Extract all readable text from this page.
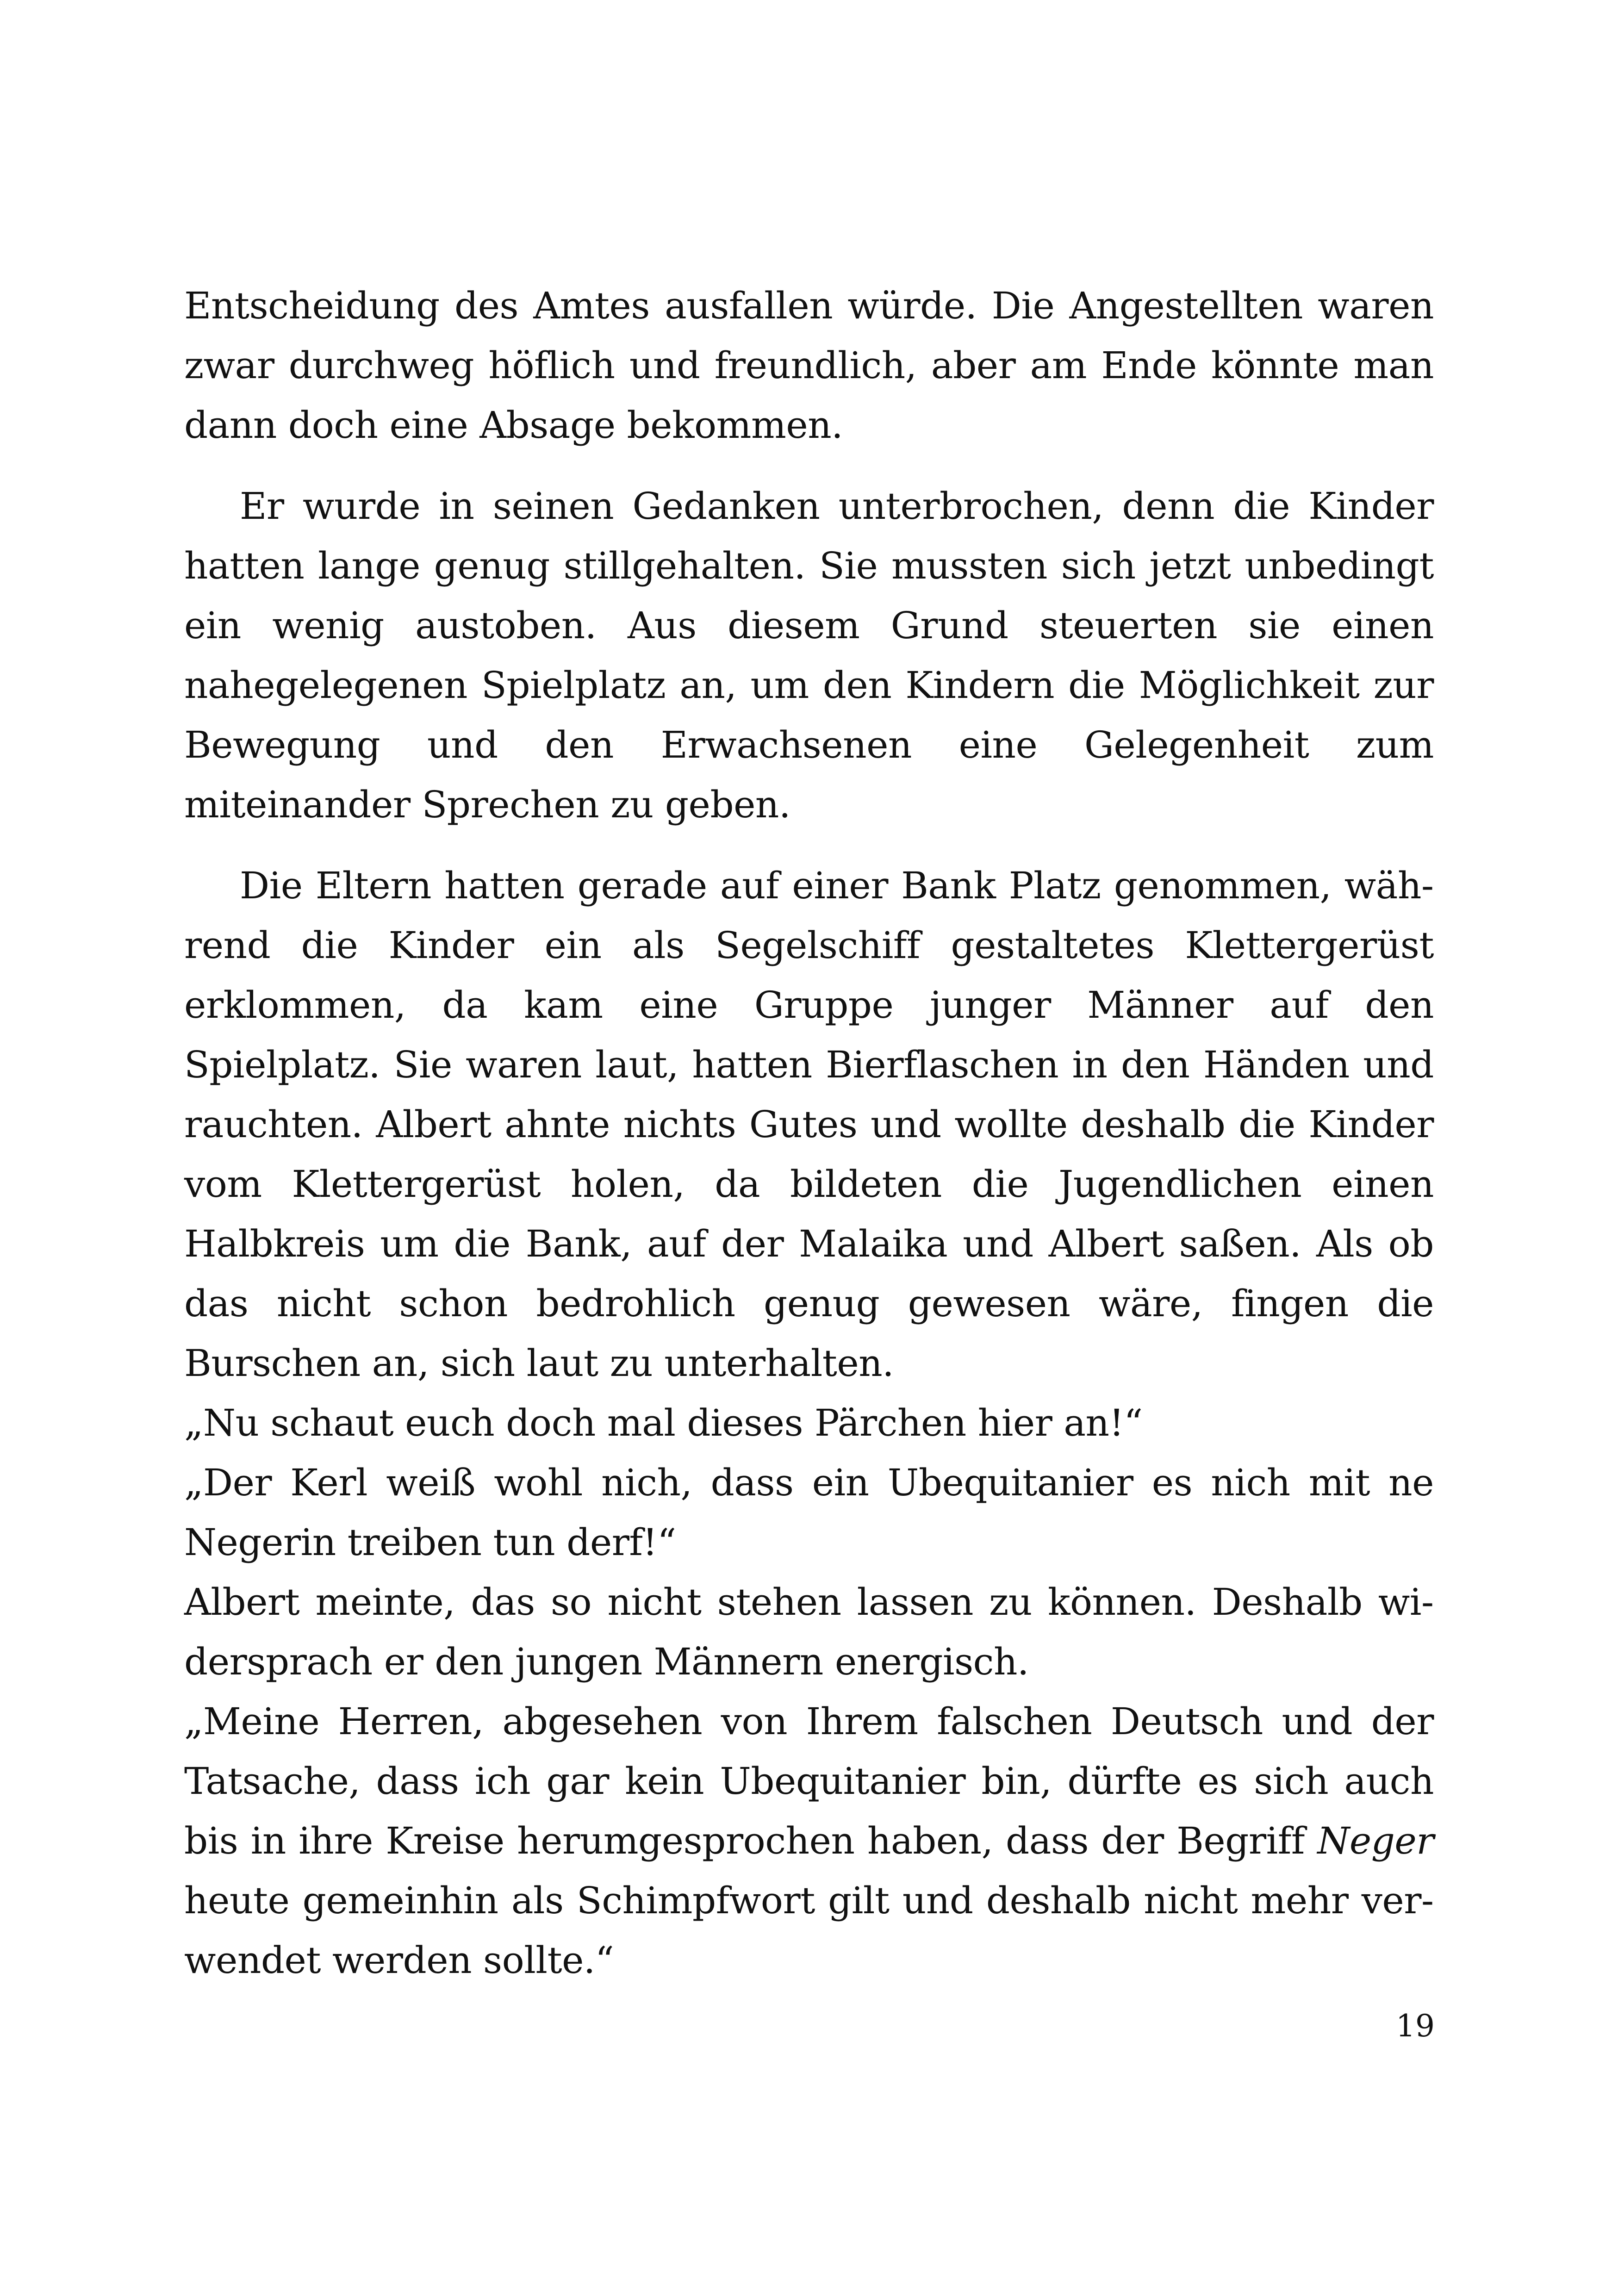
Entscheidung des Amtes ausfallen würde. Die Angestellten waren zwar durchweg höflich und freundlich, aber am Ende könnte man dann doch eine Absage bekommen.

Er wurde in seinen Gedanken unterbrochen, denn die Kinder hatten lange genug stillgehalten. Sie mussten sich jetzt unbedingt ein wenig austoben. Aus diesem Grund steuerten sie einen nahegelegenen Spielplatz an, um den Kindern die Möglichkeit zur Bewegung und den Erwachsenen eine Gelegenheit zum miteinander Sprechen zu geben.

Die Eltern hatten gerade auf einer Bank Platz genommen, während die Kinder ein als Segelschiff gestaltetes Klettergerüst erklommen, da kam eine Gruppe junger Männer auf den Spielplatz. Sie waren laut, hatten Bierflaschen in den Händen und rauchten. Albert ahnte nichts Gutes und wollte deshalb die Kinder vom Klettergerüst holen, da bildeten die Jugendlichen einen Halbkreis um die Bank, auf der Malaika und Albert saßen. Als ob das nicht schon bedrohlich genug gewesen wäre, fingen die Burschen an, sich laut zu unterhalten.

„Nu schaut euch doch mal dieses Pärchen hier an!“

„Der Kerl weiß wohl nich, dass ein Ubequitanier es nich mit ne Negerin treiben tun derf!“

Albert meinte, das so nicht stehen lassen zu können. Deshalb widersprach er den jungen Männern energisch.

„Meine Herren, abgesehen von Ihrem falschen Deutsch und der Tatsache, dass ich gar kein Ubequitanier bin, dürfte es sich auch bis in ihre Kreise herumgesprochen haben, dass der Begriff Neger heute gemeinhin als Schimpfwort gilt und deshalb nicht mehr verwendet werden sollte.“

19
